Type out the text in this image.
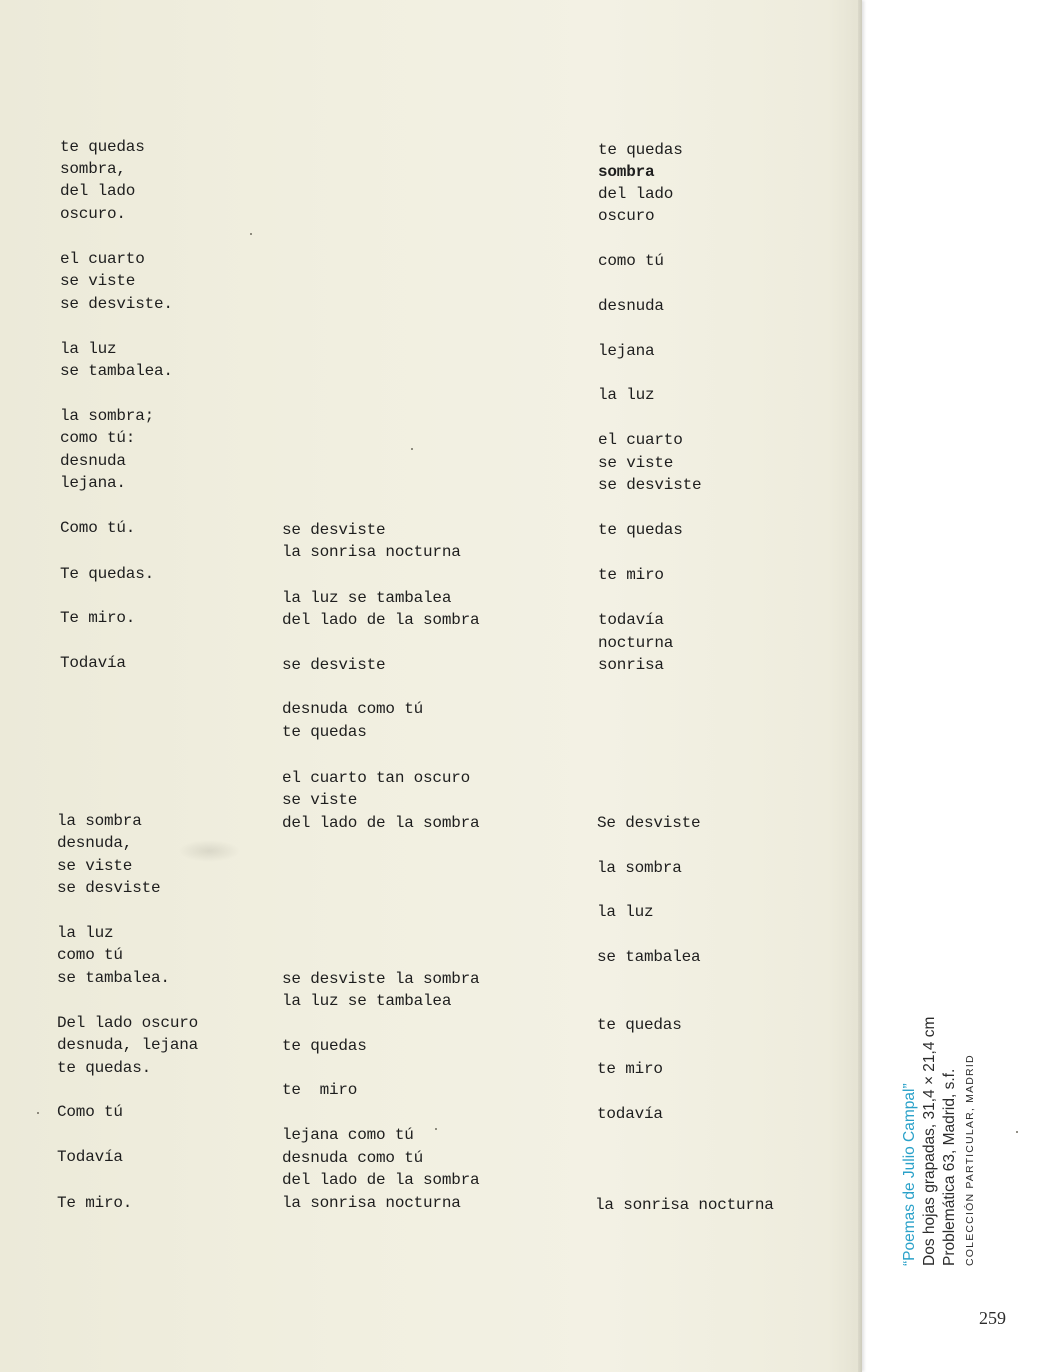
te quedas
sombra,
del lado
oscuro.
el cuarto
se viste
se desviste.
la luz
se tambalea.
la sombra;
como tú:
desnuda
lejana.
Como tú.
Te quedas.
Te miro.
Todavía
la sombra
desnuda,
se viste
se desviste
la luz
como tú
se tambalea.
Del lado oscuro
desnuda, lejana
te quedas.
Como tú
Todavía
Te miro.
se desviste
la sonrisa nocturna
la luz se tambalea
del lado de la sombra
se desviste
desnuda como tú
te quedas
el cuarto tan oscuro
se viste
del lado de la sombra
se desviste la sombra
la luz se tambalea
te quedas
te  miro
lejana como tú
desnuda como tú
del lado de la sombra
la sonrisa nocturna
te quedas
sombra
del lado
oscuro
como tú
desnuda
lejana
la luz
el cuarto
se viste
se desviste
te quedas
te miro
todavía
nocturna
sonrisa
Se desviste
la sombra
la luz
se tambalea
te quedas
te miro
todavía
la sonrisa nocturna	“Poemas de Julio Campal” Dos hojas grapadas, 31,4 × 21,4 cm Problemática 63, Madrid, s.f. COLECCIÓN PARTICULAR, MADRID
259
